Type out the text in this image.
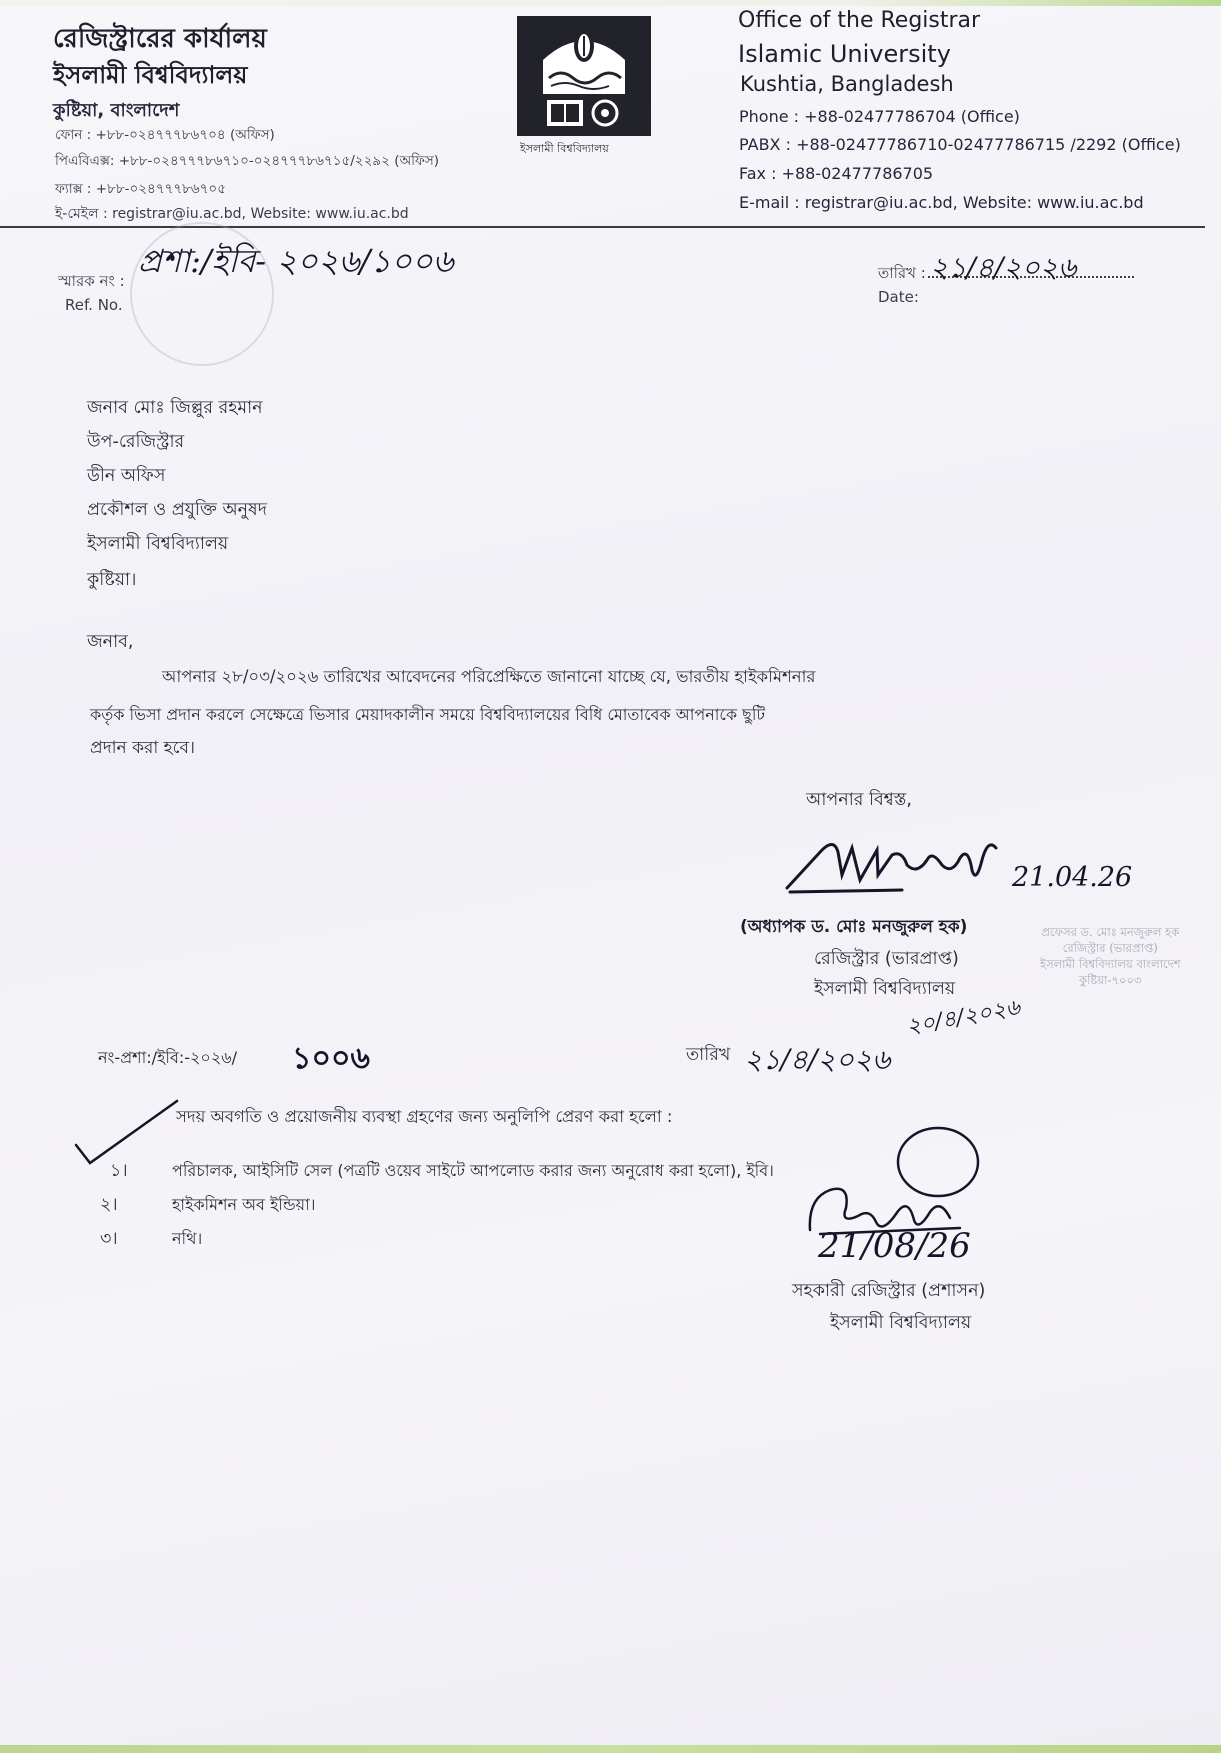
রেজিস্ট্রারের কার্যালয়
ইসলামী বিশ্ববিদ্যালয়
কুষ্টিয়া, বাংলাদেশ
ফোন : +৮৮-০২৪৭৭৭৮৬৭০৪ (অফিস)
পিএবিএক্স: +৮৮-০২৪৭৭৭৮৬৭১০-০২৪৭৭৭৮৬৭১৫/২২৯২ (অফিস)
ফ্যাক্স : +৮৮-০২৪৭৭৭৮৬৭০৫
ই-মেইল : registrar@iu.ac.bd, Website: www.iu.ac.bd
ইসলামী বিশ্ববিদ্যালয়
Office of the Registrar
Islamic University
Kushtia, Bangladesh
Phone : +88-02477786704 (Office)
PABX : +88-02477786710-02477786715 /2292 (Office)
Fax : +88-02477786705
E-mail : registrar@iu.ac.bd, Website: www.iu.ac.bd
স্মারক নং :
Ref. No.
প্রশা:/ইবি- ২০২৬/১০০৬	তারিখ :
Date:
২১/৪/২০২৬
জনাব মোঃ জিল্লুর রহমান
উপ-রেজিস্ট্রার
ডীন অফিস
প্রকৌশল ও প্রযুক্তি অনুষদ
ইসলামী বিশ্ববিদ্যালয়
কুষ্টিয়া।
জনাব,
আপনার ২৮/০৩/২০২৬ তারিখের আবেদনের পরিপ্রেক্ষিতে জানানো যাচ্ছে যে, ভারতীয় হাইকমিশনার
কর্তৃক ভিসা প্রদান করলে সেক্ষেত্রে ভিসার মেয়াদকালীন সময়ে বিশ্ববিদ্যালয়ের বিধি মোতাবেক আপনাকে ছুটি
প্রদান করা হবে।
আপনার বিশ্বস্ত,
21.04.26
(অধ্যাপক ড. মোঃ মনজুরুল হক)
রেজিস্ট্রার (ভারপ্রাপ্ত)
ইসলামী বিশ্ববিদ্যালয়
প্রফেসর ড. মোঃ মনজুরুল হক
রেজিস্ট্রার (ভারপ্রাপ্ত)
ইসলামী বিশ্ববিদ্যালয় বাংলাদেশ
কুষ্টিয়া-৭০০৩
নং-প্রশা:/ইবি:-২০২৬/ ১০০৬	তারিখ ২১/৪/২০২৬
২০/৪/২০২৬
সদয় অবগতি ও প্রয়োজনীয় ব্যবস্থা গ্রহণের জন্য অনুলিপি প্রেরণ করা হলো :
১।	পরিচালক, আইসিটি সেল (পত্রটি ওয়েব সাইটে আপলোড করার জন্য অনুরোধ করা হলো), ইবি।
২।	হাইকমিশন অব ইন্ডিয়া।
৩।	নথি।	21/08/26
সহকারী রেজিস্ট্রার (প্রশাসন)
ইসলামী বিশ্ববিদ্যালয়
